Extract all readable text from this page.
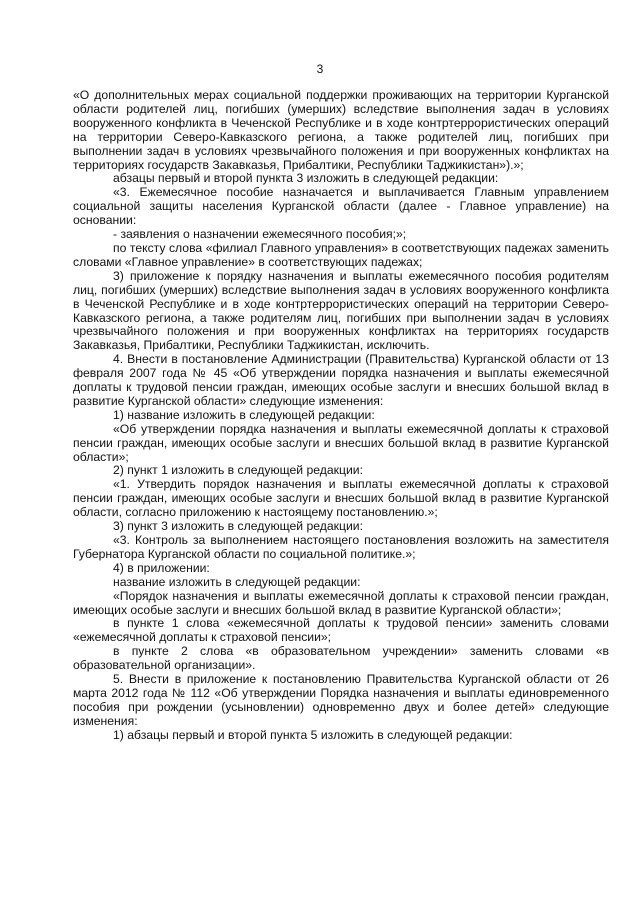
3

«О дополнительных мерах социальной поддержки проживающих на территории Курганской области родителей лиц, погибших (умерших) вследствие выполнения задач в условиях вооруженного конфликта в Чеченской Республике и в ходе контртеррористических операций на территории Северо-Кавказского региона, а также родителей лиц, погибших при выполнении задач в условиях чрезвычайного положения и при вооруженных конфликтах на территориях государств Закавказья, Прибалтики, Республики Таджикистан»).»;

абзацы первый и второй пункта 3 изложить в следующей редакции:

«3. Ежемесячное пособие назначается и выплачивается Главным управлением социальной защиты населения Курганской области (далее - Главное управление) на основании:

- заявления о назначении ежемесячного пособия;»;

по тексту слова «филиал Главного управления» в соответствующих падежах заменить словами «Главное управление» в соответствующих падежах;

3) приложение к порядку назначения и выплаты ежемесячного пособия родителям лиц, погибших (умерших) вследствие выполнения задач в условиях вооруженного конфликта в Чеченской Республике и в ходе контртеррористических операций на территории Северо-Кавказского региона, а также родителям лиц, погибших при выполнении задач в условиях чрезвычайного положения и при вооруженных конфликтах на территориях государств Закавказья, Прибалтики, Республики Таджикистан, исключить.

4. Внести в постановление Администрации (Правительства) Курганской области от 13 февраля 2007 года № 45 «Об утверждении порядка назначения и выплаты ежемесячной доплаты к трудовой пенсии граждан, имеющих особые заслуги и внесших большой вклад в развитие Курганской области» следующие изменения:

1) название изложить в следующей редакции:

«Об утверждении порядка назначения и выплаты ежемесячной доплаты к страховой пенсии граждан, имеющих особые заслуги и внесших большой вклад в развитие Курганской области»;

2) пункт 1 изложить в следующей редакции:

«1. Утвердить порядок назначения и выплаты ежемесячной доплаты к страховой пенсии граждан, имеющих особые заслуги и внесших большой вклад в развитие Курганской области, согласно приложению к настоящему постановлению.»;

3) пункт 3 изложить в следующей редакции:

«3. Контроль за выполнением настоящего постановления возложить на заместителя Губернатора Курганской области по социальной политике.»;

4) в приложении:

название изложить в следующей редакции:

«Порядок назначения и выплаты ежемесячной доплаты к страховой пенсии граждан, имеющих особые заслуги и внесших большой вклад в развитие Курганской области»;

в пункте 1 слова «ежемесячной доплаты к трудовой пенсии» заменить словами «ежемесячной доплаты к страховой пенсии»;

в пункте 2 слова «в образовательном учреждении» заменить словами «в образовательной организации».

5. Внести в приложение к постановлению Правительства Курганской области от 26 марта 2012 года № 112 «Об утверждении Порядка назначения и выплаты единовременного пособия при рождении (усыновлении) одновременно двух и более детей» следующие изменения:

1) абзацы первый и второй пункта 5 изложить в следующей редакции:
